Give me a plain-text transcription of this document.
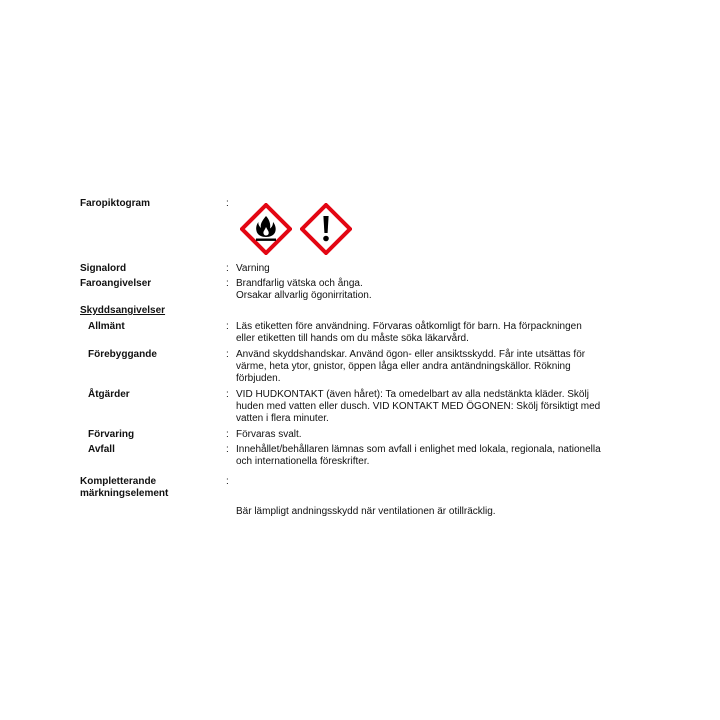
Faropiktogram	:
Signalord	: Varning
Faroangivelser	: Brandfarlig vätska och ånga.
Orsakar allvarlig ögonirritation.
Skyddsangivelser
Allmänt	: Läs etiketten före användning. Förvaras oåtkomligt för barn. Ha förpackningen
eller etiketten till hands om du måste söka läkarvård.
Förebyggande	: Använd skyddshandskar. Använd ögon- eller ansiktsskydd. Får inte utsättas för
värme, heta ytor, gnistor, öppen låga eller andra antändningskällor. Rökning
förbjuden.
Åtgärder	: VID HUDKONTAKT (även håret): Ta omedelbart av alla nedstänkta kläder. Skölj
huden med vatten eller dusch. VID KONTAKT MED ÖGONEN: Skölj försiktigt med
vatten i flera minuter.
Förvaring	: Förvaras svalt.
Avfall	: Innehållet/behållaren lämnas som avfall i enlighet med lokala, regionala, nationella
och internationella föreskrifter.
Kompletterande
märkningselement
:
Bär lämpligt andningsskydd när ventilationen är otillräcklig.
